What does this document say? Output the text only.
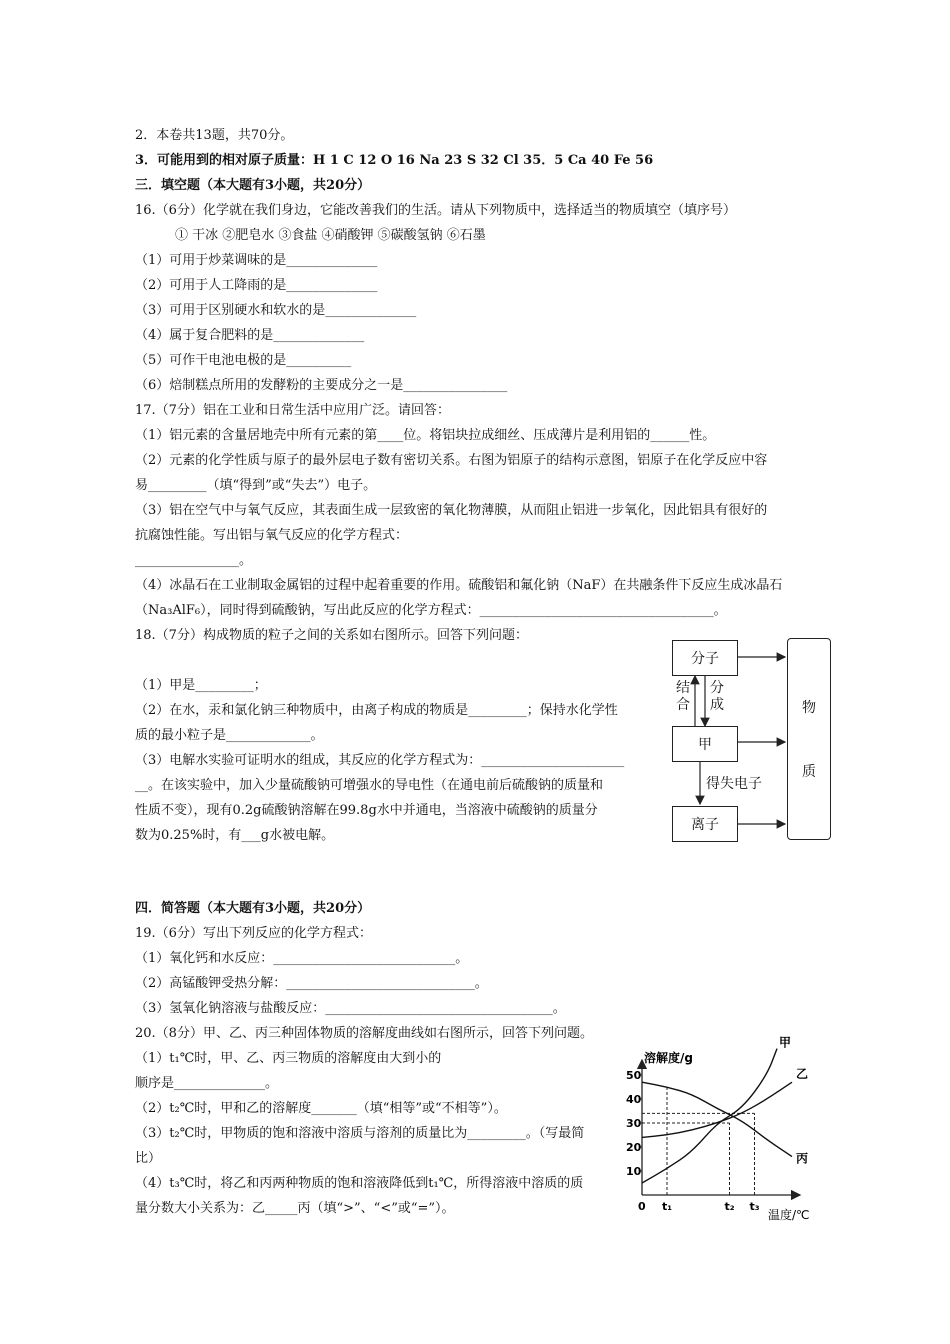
2．本卷共13题，共70分。
3．可能用到的相对原子质量：H 1 C 12 O 16 Na 23 S 32 Cl 35．5 Ca 40 Fe 56
三．填空题（本大题有3小题，共20分）
16.（6分）化学就在我们身边，它能改善我们的生活。请从下列物质中，选择适当的物质填空（填序号）
① 干冰 ②肥皂水 ③食盐 ④硝酸钾 ⑤碳酸氢钠 ⑥石墨
（1）可用于炒菜调味的是______________
（2）可用于人工降雨的是______________
（3）可用于区别硬水和软水的是______________
（4）属于复合肥料的是______________
（5）可作干电池电极的是__________
（6）焙制糕点所用的发酵粉的主要成分之一是________________
17.（7分）铝在工业和日常生活中应用广泛。请回答：
（1）铝元素的含量居地壳中所有元素的第____位。将铝块拉成细丝、压成薄片是利用铝的______性。
（2）元素的化学性质与原子的最外层电子数有密切关系。右图为铝原子的结构示意图，铝原子在化学反应中容
易_________（填“得到”或“失去”）电子。
（3）铝在空气中与氧气反应，其表面生成一层致密的氧化物薄膜，从而阻止铝进一步氧化，因此铝具有很好的
抗腐蚀性能。写出铝与氧气反应的化学方程式：
________________。
（4）冰晶石在工业制取金属铝的过程中起着重要的作用。硫酸铝和氟化钠（NaF）在共融条件下反应生成冰晶石
（Na₃AlF₆），同时得到硫酸钠，写出此反应的化学方程式：____________________________________。
18.（7分）构成物质的粒子之间的关系如右图所示。回答下列问题：
（1）甲是_________；
（2）在水，汞和氯化钠三种物质中，由离子构成的物质是_________；保持水化学性
质的最小粒子是_____________。
（3）电解水实验可证明水的组成，其反应的化学方程式为：______________________
__。在该实验中，加入少量硫酸钠可增强水的导电性（在通电前后硫酸钠的质量和
性质不变），现有0.2g硫酸钠溶解在99.8g水中并通电，当溶液中硫酸钠的质量分
数为0.25%时，有___g水被电解。
分子
甲
离子
物
质
结
合
分
成
得失电子
四．简答题（本大题有3小题，共20分）
19.（6分）写出下列反应的化学方程式：
（1）氧化钙和水反应：____________________________。
（2）高锰酸钾受热分解：_____________________________。
（3）氢氧化钠溶液与盐酸反应：___________________________________。
20.（8分）甲、乙、丙三种固体物质的溶解度曲线如右图所示，回答下列问题。
（1）t₁℃时，甲、乙、丙三物质的溶解度由大到小的
顺序是______________。
（2）t₂℃时，甲和乙的溶解度_______（填“相等”或“不相等”）。
（3）t₂℃时，甲物质的饱和溶液中溶质与溶剂的质量比为_________。（写最简
比）
（4）t₃℃时，将乙和丙两种物质的饱和溶液降低到t₁℃，所得溶液中溶质的质
量分数大小关系为：乙_____丙（填“>”、“<”或“=”）。
溶解度/g
温度/℃
10
20
30
40
50
0 t₁	t₂ t₃
甲
乙
丙
